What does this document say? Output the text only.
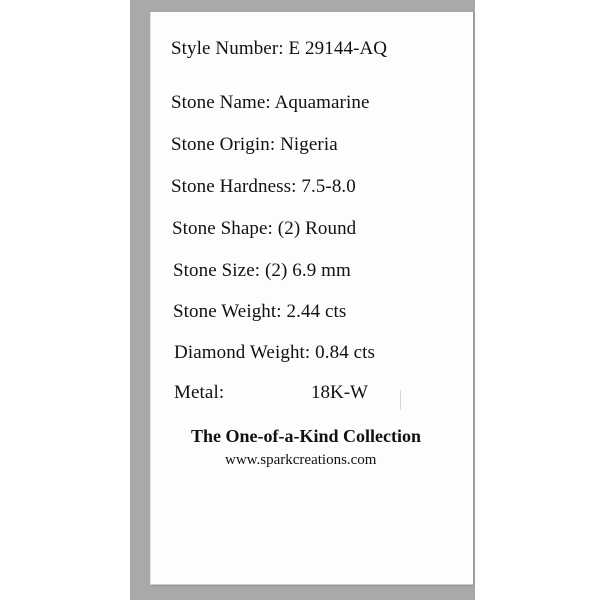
Style Number: E 29144-AQ
Stone Name: Aquamarine
Stone Origin: Nigeria
Stone Hardness: 7.5-8.0
Stone Shape: (2) Round
Stone Size: (2) 6.9 mm
Stone Weight: 2.44 cts
Diamond Weight: 0.84 cts
Metal:	18K-W
The One-of-a-Kind Collection
www.sparkcreations.com
